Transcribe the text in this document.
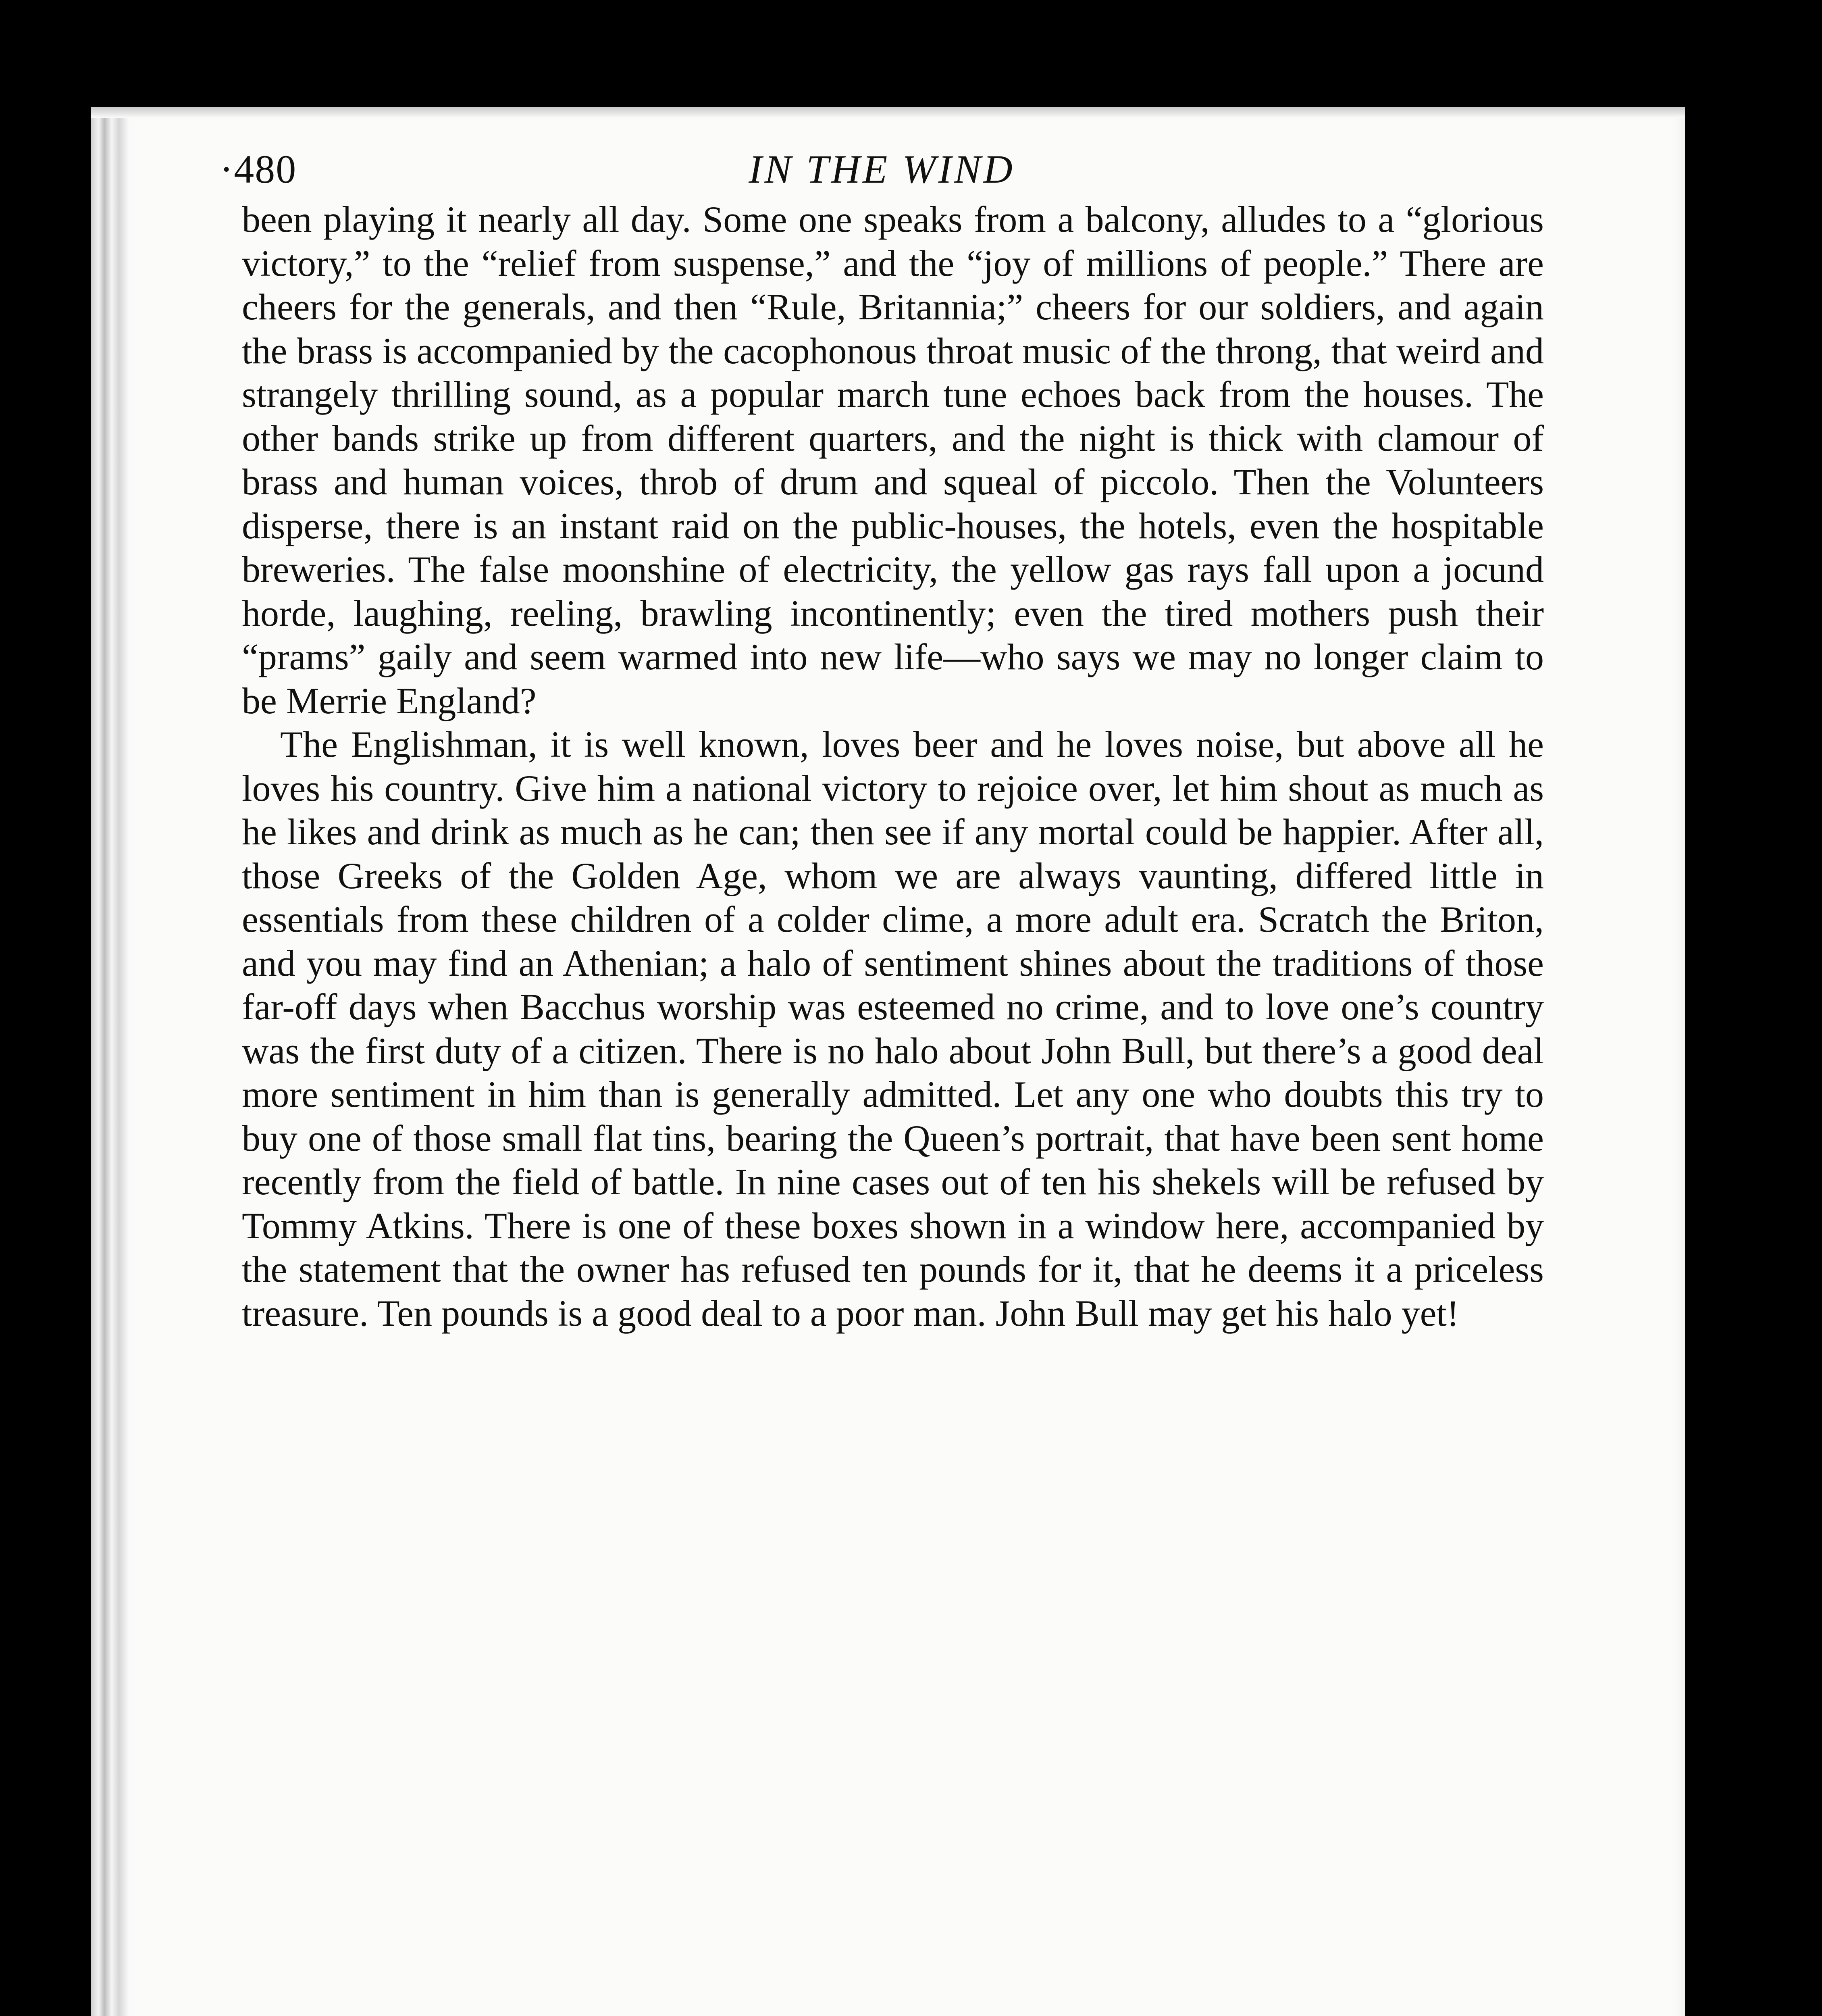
·480	IN THE WIND

been playing it nearly all day. Some one speaks from a balcony, alludes to a “glorious victory,” to the “relief from suspense,” and the “joy of millions of people.” There are cheers for the generals, and then “Rule, Britannia;” cheers for our soldiers, and again the brass is accompanied by the cacophonous throat music of the throng, that weird and strangely thrilling sound, as a popular march tune echoes back from the houses. The other bands strike up from different quarters, and the night is thick with clamour of brass and human voices, throb of drum and squeal of piccolo. Then the Volunteers disperse, there is an instant raid on the public-houses, the hotels, even the hospitable breweries. The false moonshine of electricity, the yellow gas rays fall upon a jocund horde, laughing, reeling, brawling incontinently; even the tired mothers push their “prams” gaily and seem warmed into new life—who says we may no longer claim to be Merrie England?

The Englishman, it is well known, loves beer and he loves noise, but above all he loves his country. Give him a national victory to rejoice over, let him shout as much as he likes and drink as much as he can; then see if any mortal could be happier. After all, those Greeks of the Golden Age, whom we are always vaunting, differed little in essentials from these children of a colder clime, a more adult era. Scratch the Briton, and you may find an Athenian; a halo of sentiment shines about the traditions of those far-off days when Bacchus worship was esteemed no crime, and to love one’s country was the first duty of a citizen. There is no halo about John Bull, but there’s a good deal more sentiment in him than is generally admitted. Let any one who doubts this try to buy one of those small flat tins, bearing the Queen’s portrait, that have been sent home recently from the field of battle. In nine cases out of ten his shekels will be refused by Tommy Atkins. There is one of these boxes shown in a window here, accompanied by the statement that the owner has refused ten pounds for it, that he deems it a priceless treasure. Ten pounds is a good deal to a poor man. John Bull may get his halo yet!
